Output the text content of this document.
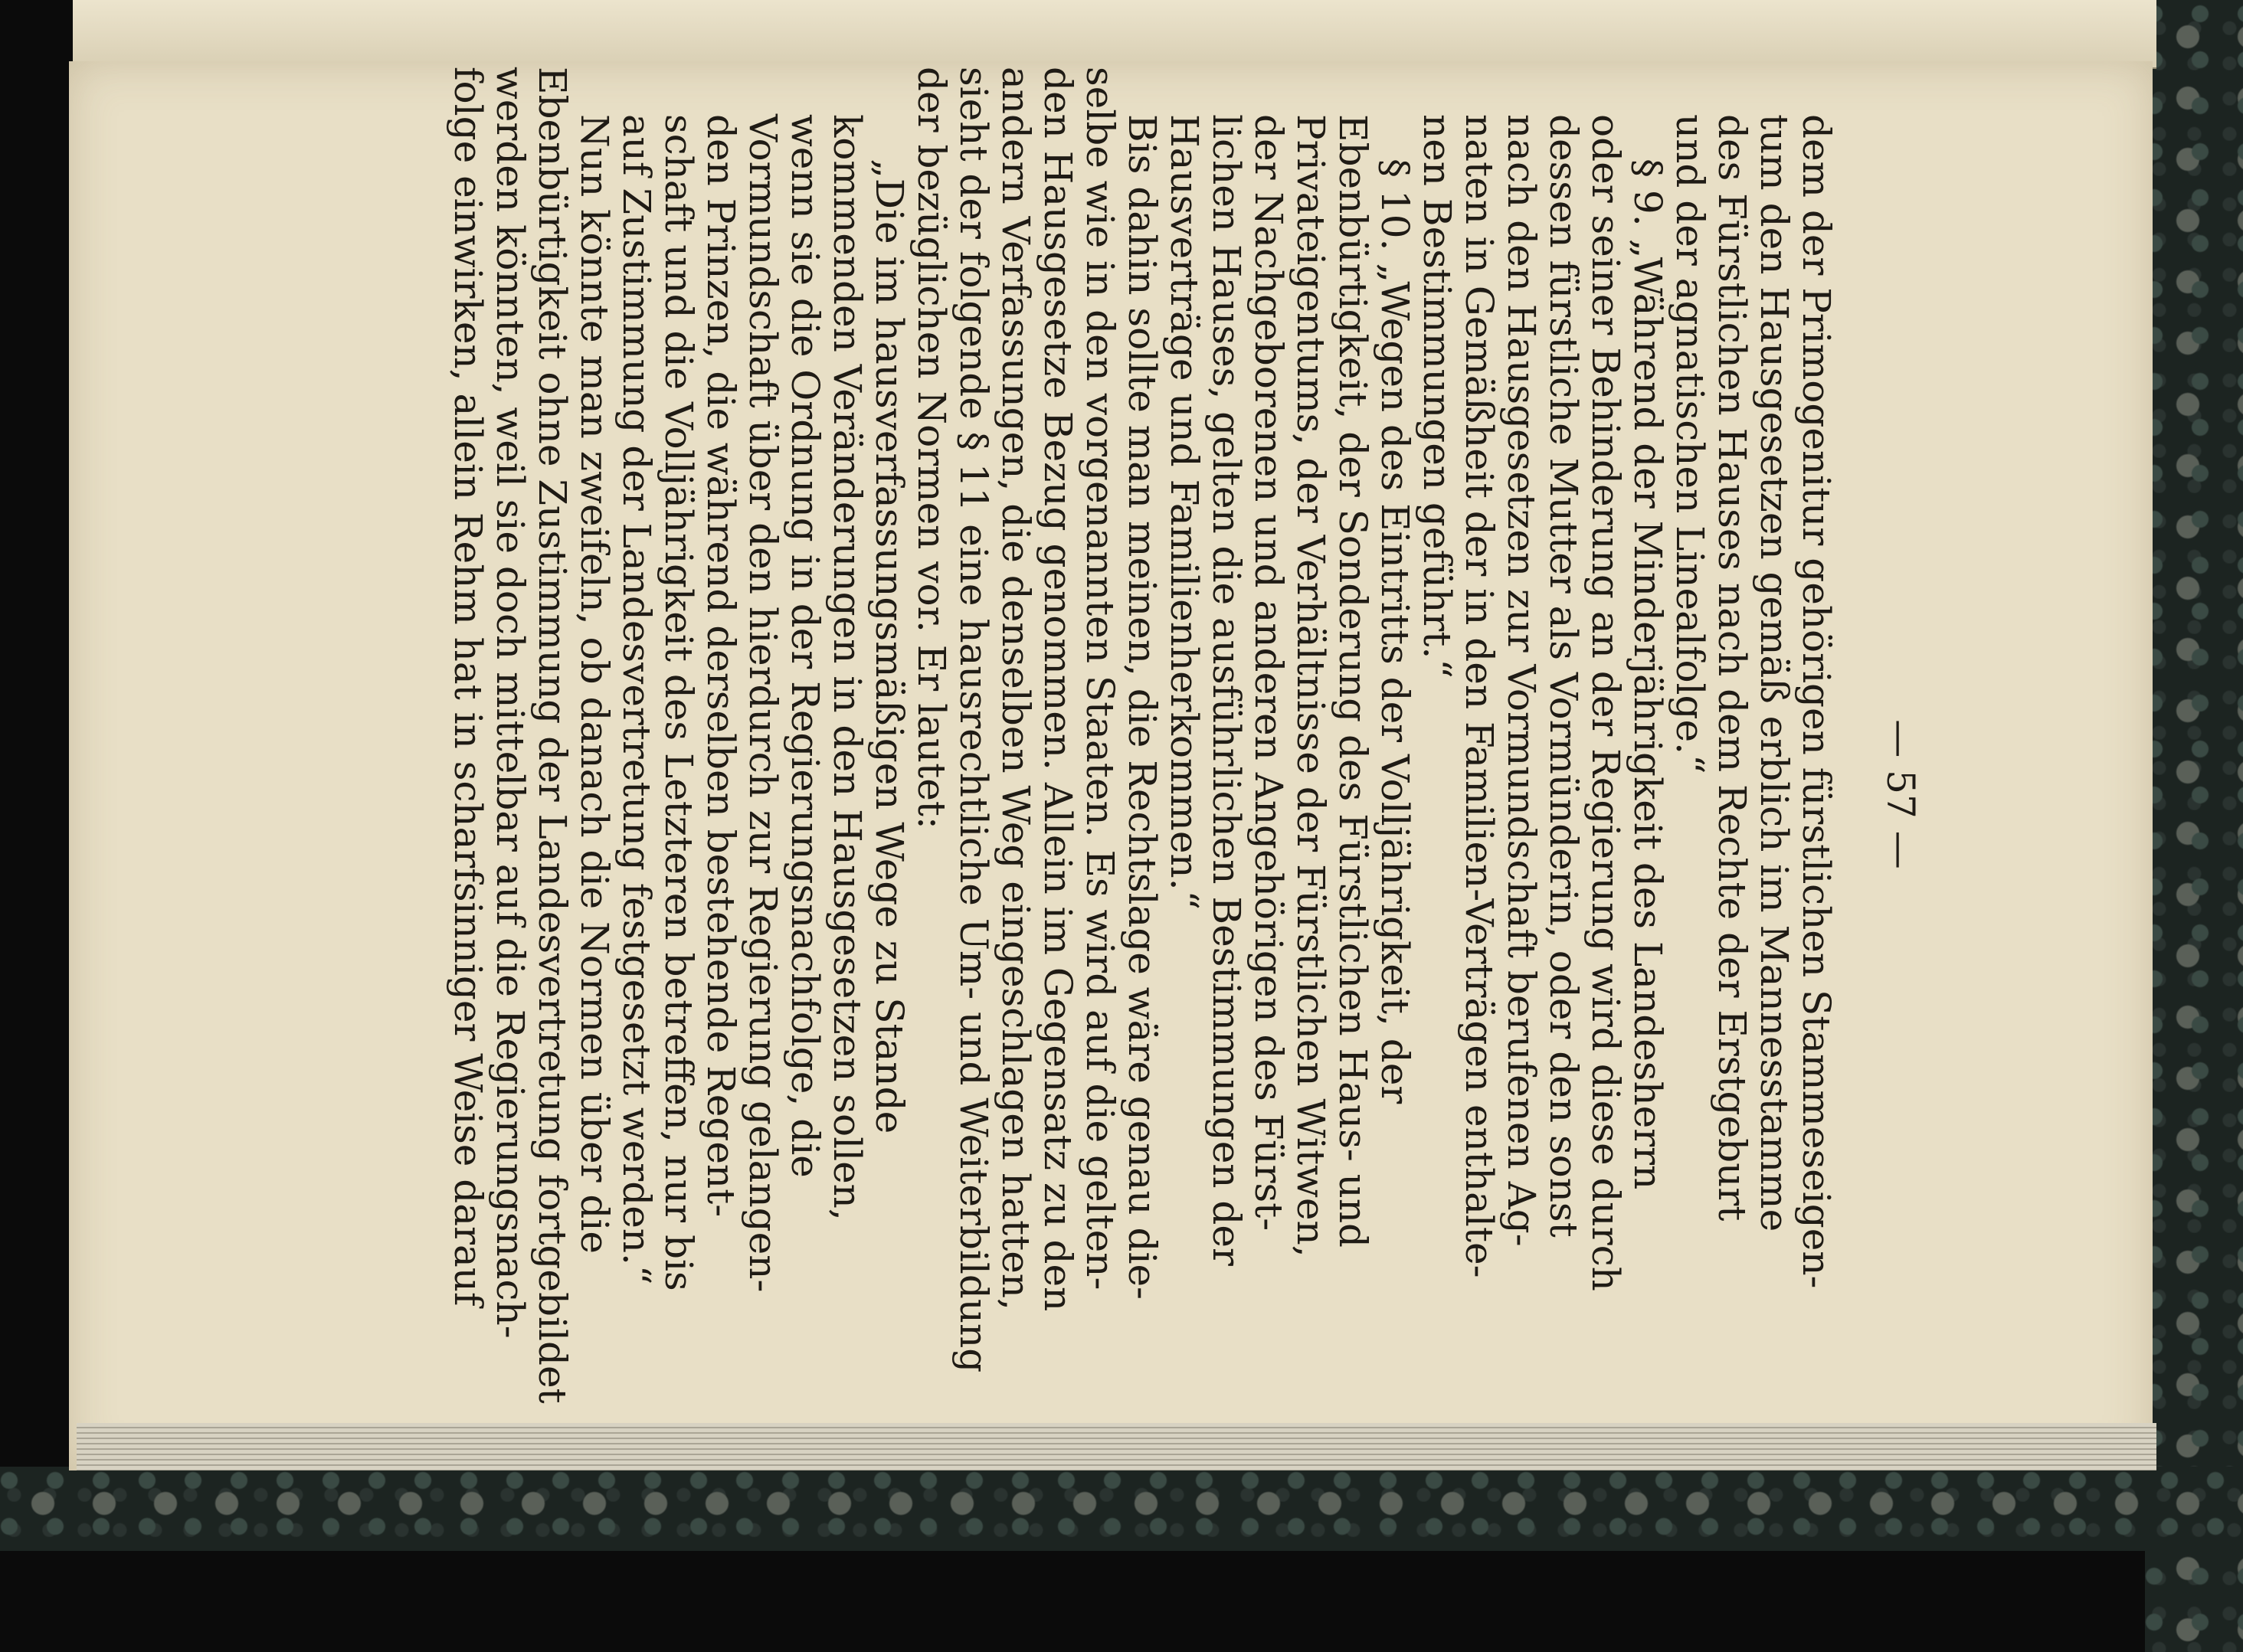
— 57 —

dem der Primogenitur gehörigen fürstlichen Stammeseigen-

tum den Hausgesetzen gemäß erblich im Mannesstamme

des Fürstlichen Hauses nach dem Rechte der Erstgeburt

und der agnatischen Linealfolge.“

§ 9. „Während der Minderjährigkeit des Landesherrn

oder seiner Behinderung an der Regierung wird diese durch

dessen fürstliche Mutter als Vormünderin, oder den sonst

nach den Hausgesetzen zur Vormundschaft berufenen Ag-

naten in Gemäßheit der in den Familien-Verträgen enthalte-

nen Bestimmungen geführt.“

§ 10. „Wegen des Eintritts der Volljährigkeit, der

Ebenbürtigkeit, der Sonderung des Fürstlichen Haus- und

Privateigentums, der Verhältnisse der Fürstlichen Witwen,

der Nachgeborenen und anderen Angehörigen des Fürst-

lichen Hauses, gelten die ausführlichen Bestimmungen der

Hausverträge und Familienherkommen.“

Bis dahin sollte man meinen, die Rechtslage wäre genau die-

selbe wie in den vorgenannten Staaten. Es wird auf die gelten-

den Hausgesetze Bezug genommen. Allein im Gegensatz zu den

andern Verfassungen, die denselben Weg eingeschlagen hatten,

sieht der folgende § 11 eine hausrechtliche Um- und Weiterbildung

der bezüglichen Normen vor. Er lautet:

„Die im hausverfassungsmäßigen Wege zu Stande

kommenden Veränderungen in den Hausgesetzen sollen,

wenn sie die Ordnung in der Regierungsnachfolge, die

Vormundschaft über den hierdurch zur Regierung gelangen-

den Prinzen, die während derselben bestehende Regent-

schaft und die Volljährigkeit des Letzteren betreffen, nur bis

auf Zustimmung der Landesvertretung festgesetzt werden.“

Nun könnte man zweifeln, ob danach die Normen über die

Ebenbürtigkeit ohne Zustimmung der Landesvertretung fortgebildet

werden könnten, weil sie doch mittelbar auf die Regierungsnach-

folge einwirken, allein Rehm hat in scharfsinniger Weise darauf
